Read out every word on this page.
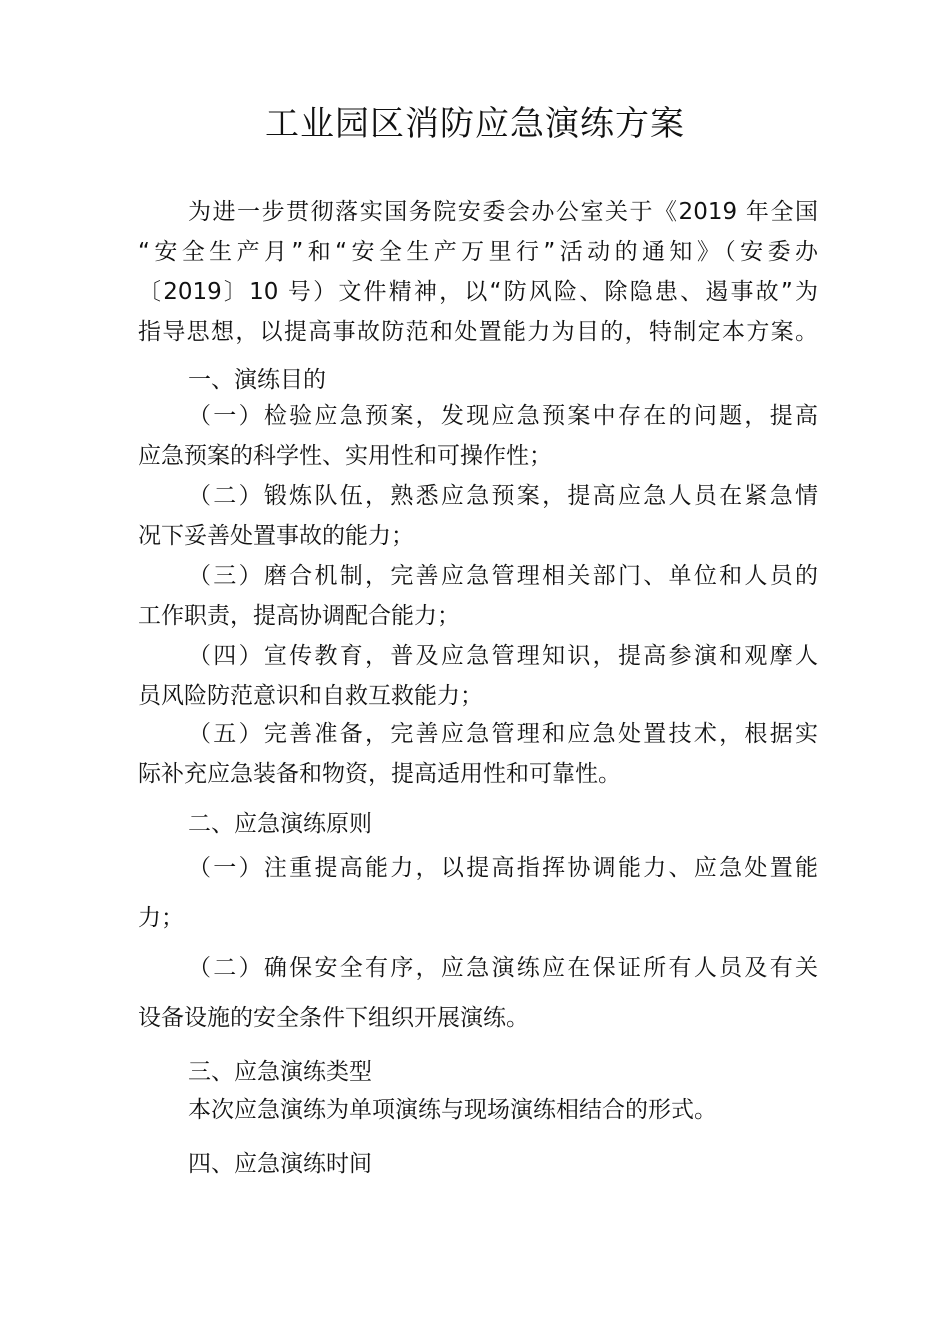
工业园区消防应急演练方案

为进一步贯彻落实国务院安委会办公室关于《2019 年全国

“安全生产月”和“安全生产万里行”活动的通知》（安委办

〔2019〕10 号）文件精神，以“防风险、除隐患、遏事故”为

指导思想，以提高事故防范和处置能力为目的，特制定本方案。

一、演练目的

（一）检验应急预案，发现应急预案中存在的问题，提高

应急预案的科学性、实用性和可操作性；

（二）锻炼队伍，熟悉应急预案，提高应急人员在紧急情

况下妥善处置事故的能力；

（三）磨合机制，完善应急管理相关部门、单位和人员的

工作职责，提高协调配合能力；

（四）宣传教育，普及应急管理知识，提高参演和观摩人

员风险防范意识和自救互救能力；

（五）完善准备，完善应急管理和应急处置技术，根据实

际补充应急装备和物资，提高适用性和可靠性。

二、应急演练原则

（一）注重提高能力，以提高指挥协调能力、应急处置能

力；

（二）确保安全有序，应急演练应在保证所有人员及有关

设备设施的安全条件下组织开展演练。

三、应急演练类型

本次应急演练为单项演练与现场演练相结合的形式。

四、应急演练时间
